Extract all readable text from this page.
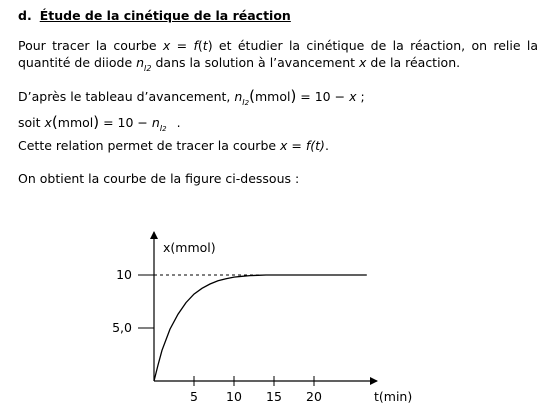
d. Étude de la cinétique de la réaction
Pour tracer la courbe x = f(t) et étudier la cinétique de la réaction, on relie la quantité de diiode $n_{I2}$ dans la solution à l’avancement x de la réaction.
D’après le tableau d’avancement, $n_{I2}(mmol) = 10 - x$ ;
soit x(mmol) = $10 - n_{I2}$ .
Cette relation permet de tracer la courbe x = f(t).
On obtient la courbe de la figure ci-dessous :
x(mmol)
t(min)
5 10 15 20
5,0
10
